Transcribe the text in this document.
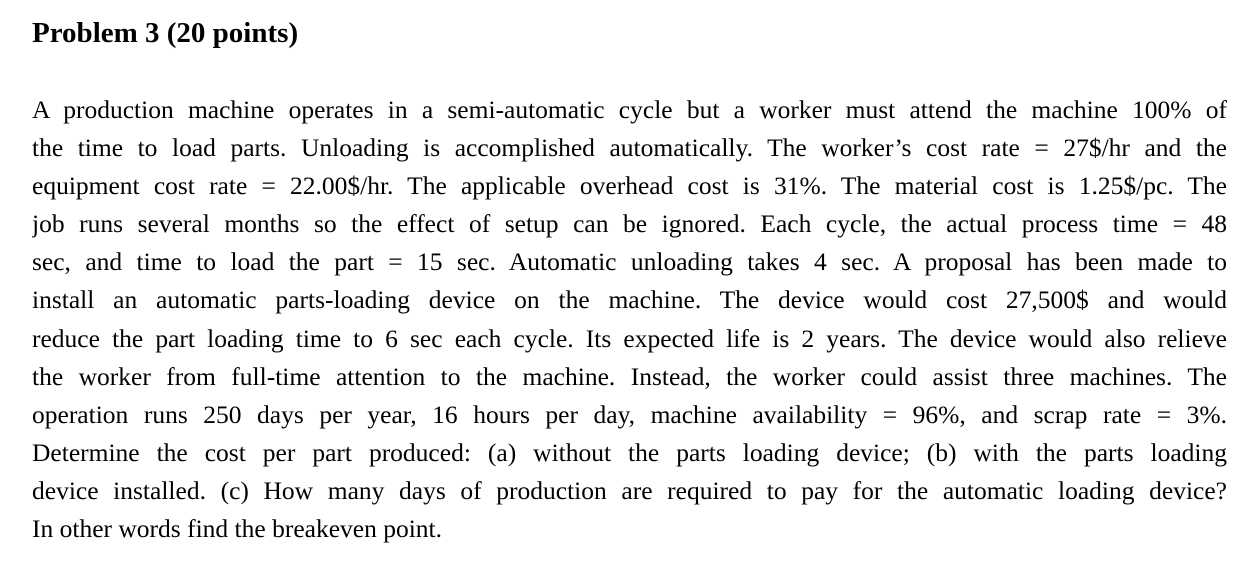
Problem 3 (20 points)
A production machine operates in a semi-automatic cycle but a worker must attend the machine 100% of
the time to load parts. Unloading is accomplished automatically. The worker’s cost rate = 27$/hr and the
equipment cost rate = 22.00$/hr. The applicable overhead cost is 31%. The material cost is 1.25$/pc. The
job runs several months so the effect of setup can be ignored. Each cycle, the actual process time = 48
sec, and time to load the part = 15 sec. Automatic unloading takes 4 sec. A proposal has been made to
install an automatic parts-loading device on the machine. The device would cost 27,500$ and would
reduce the part loading time to 6 sec each cycle. Its expected life is 2 years. The device would also relieve
the worker from full-time attention to the machine. Instead, the worker could assist three machines. The
operation runs 250 days per year, 16 hours per day, machine availability = 96%, and scrap rate = 3%.
Determine the cost per part produced: (a) without the parts loading device; (b) with the parts loading
device installed. (c) How many days of production are required to pay for the automatic loading device?
In other words find the breakeven point.
